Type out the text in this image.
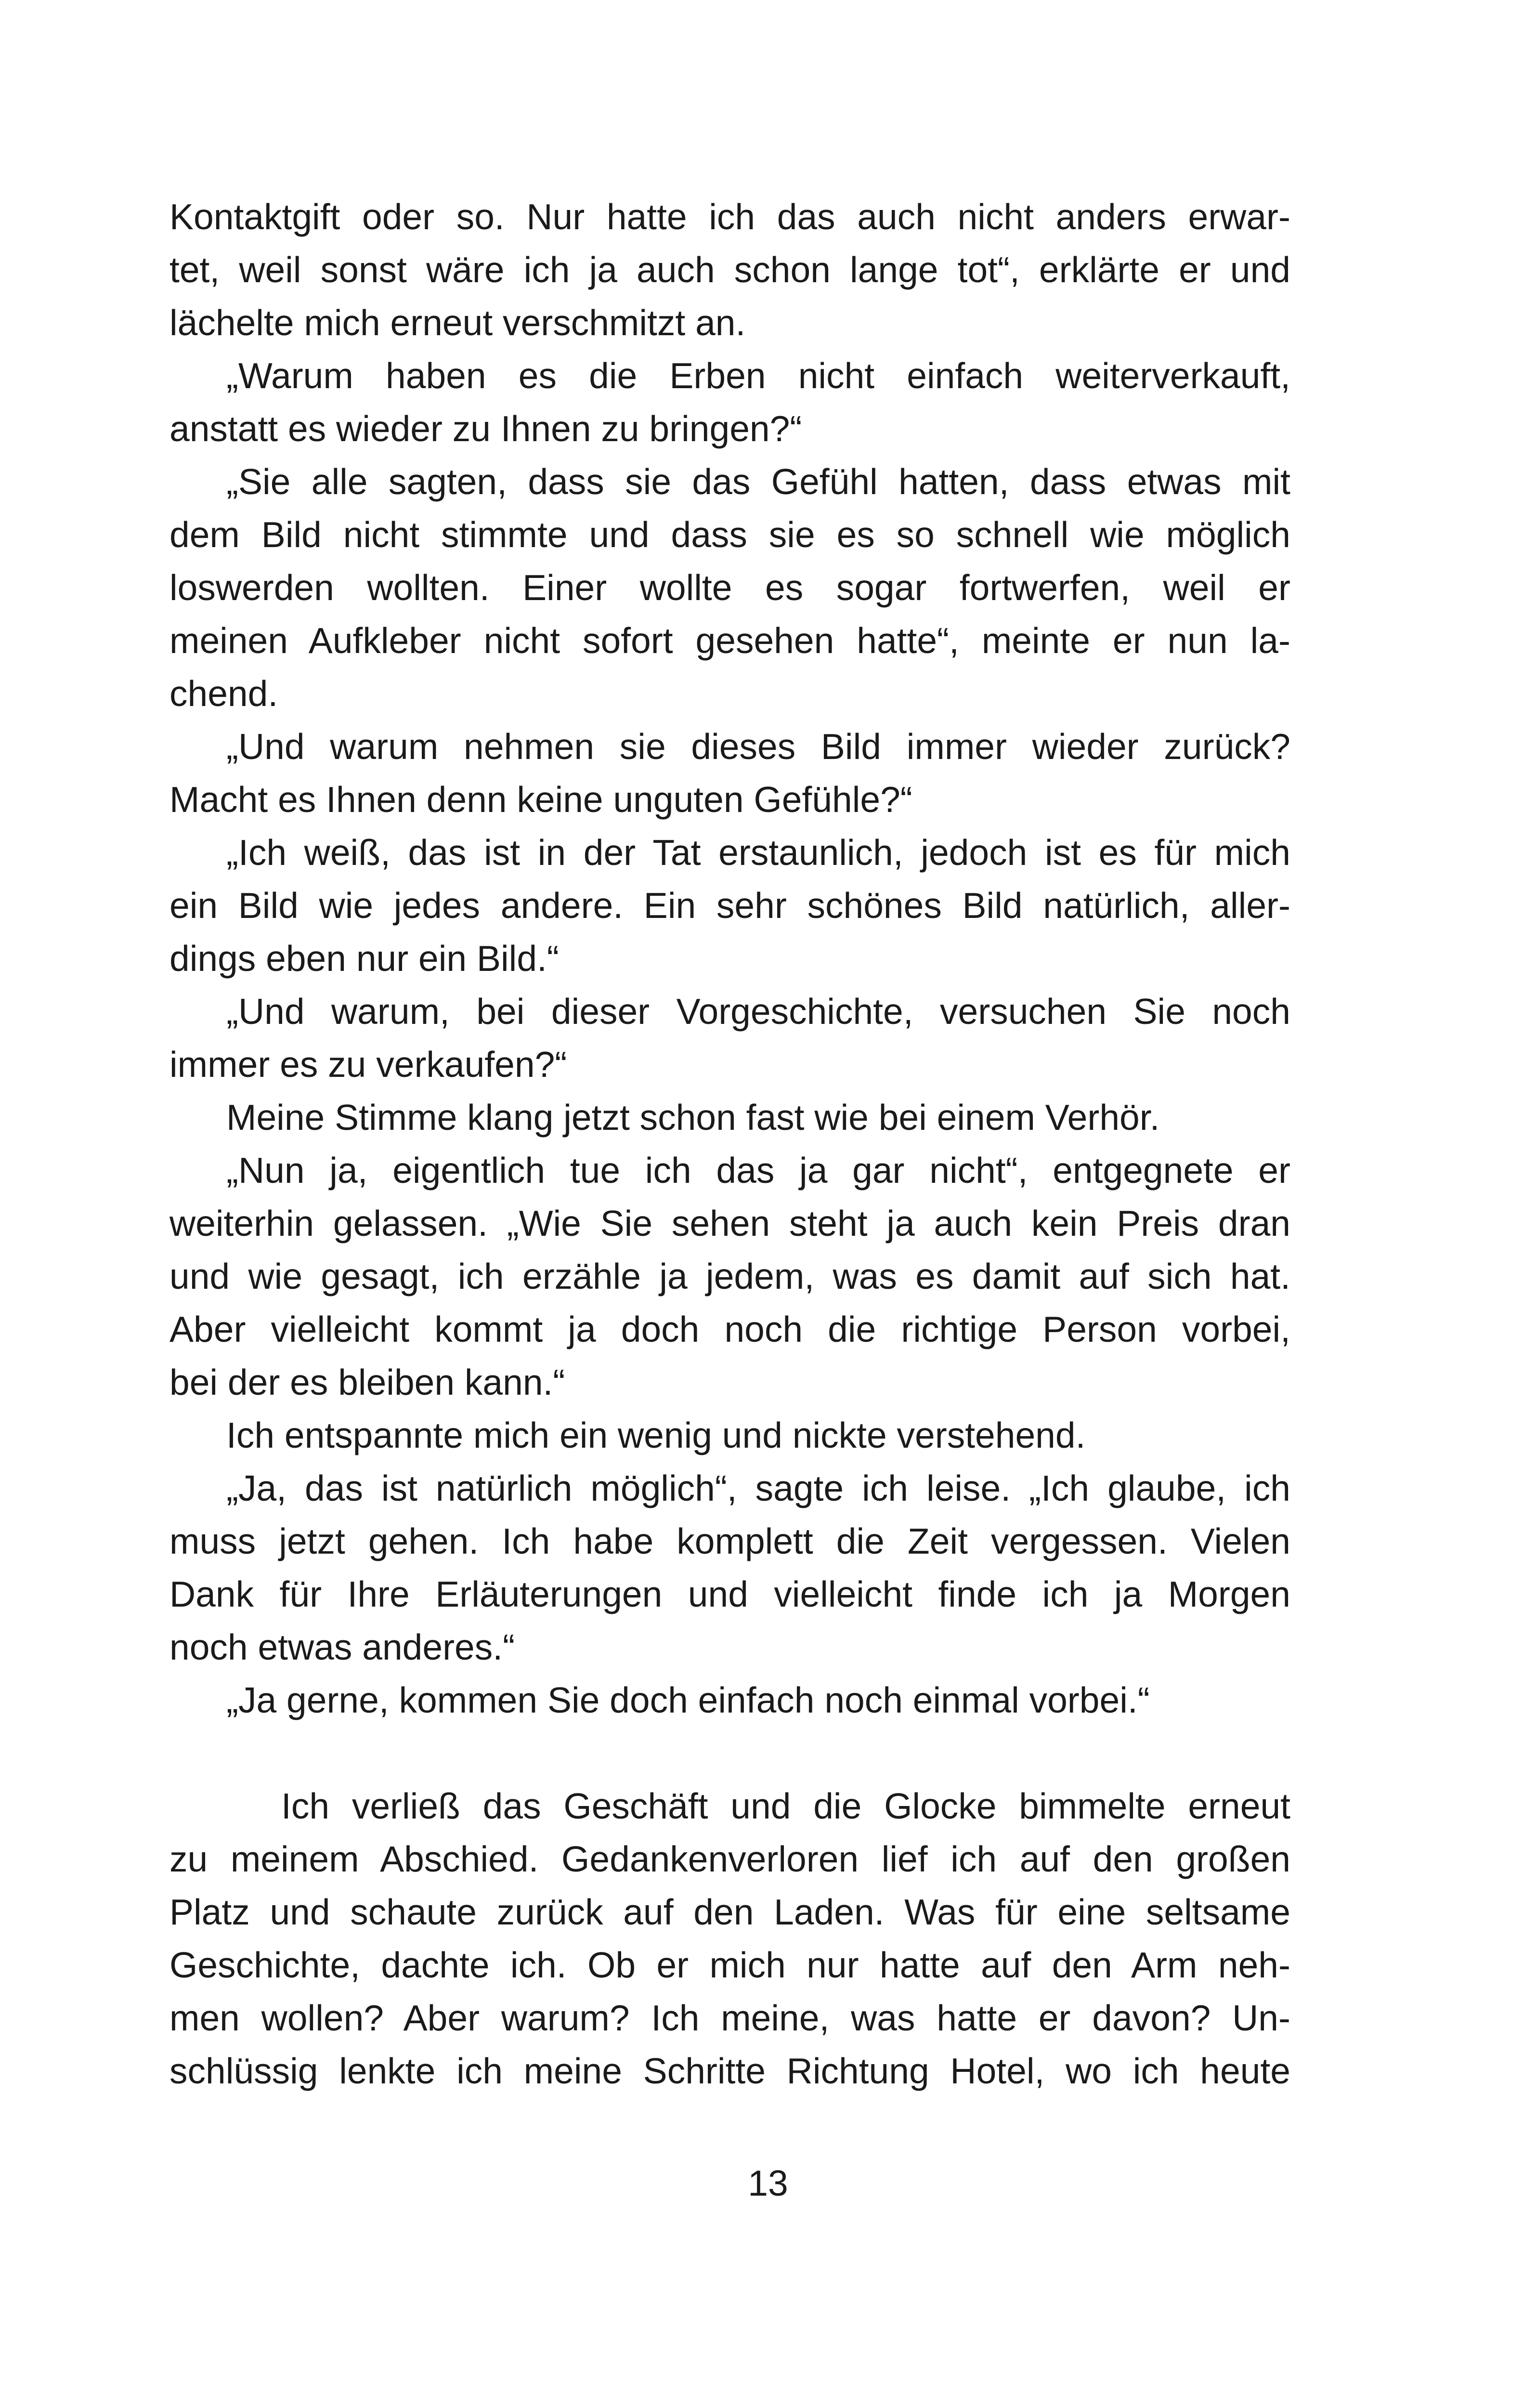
Kontaktgift oder so. Nur hatte ich das auch nicht anders erwar-
tet, weil sonst wäre ich ja auch schon lange tot“, erklärte er und
lächelte mich erneut verschmitzt an.
„Warum haben es die Erben nicht einfach weiterverkauft,
anstatt es wieder zu Ihnen zu bringen?“
„Sie alle sagten, dass sie das Gefühl hatten, dass etwas mit
dem Bild nicht stimmte und dass sie es so schnell wie möglich
loswerden wollten. Einer wollte es sogar fortwerfen, weil er
meinen Aufkleber nicht sofort gesehen hatte“, meinte er nun la-
chend.
„Und warum nehmen sie dieses Bild immer wieder zurück?
Macht es Ihnen denn keine unguten Gefühle?“
„Ich weiß, das ist in der Tat erstaunlich, jedoch ist es für mich
ein Bild wie jedes andere. Ein sehr schönes Bild natürlich, aller-
dings eben nur ein Bild.“
„Und warum, bei dieser Vorgeschichte, versuchen Sie noch
immer es zu verkaufen?“
Meine Stimme klang jetzt schon fast wie bei einem Verhör.
„Nun ja, eigentlich tue ich das ja gar nicht“, entgegnete er
weiterhin gelassen. „Wie Sie sehen steht ja auch kein Preis dran
und wie gesagt, ich erzähle ja jedem, was es damit auf sich hat.
Aber vielleicht kommt ja doch noch die richtige Person vorbei,
bei der es bleiben kann.“
Ich entspannte mich ein wenig und nickte verstehend.
„Ja, das ist natürlich möglich“, sagte ich leise. „Ich glaube, ich
muss jetzt gehen. Ich habe komplett die Zeit vergessen. Vielen
Dank für Ihre Erläuterungen und vielleicht finde ich ja Morgen
noch etwas anderes.“
„Ja gerne, kommen Sie doch einfach noch einmal vorbei.“
Ich verließ das Geschäft und die Glocke bimmelte erneut
zu meinem Abschied. Gedankenverloren lief ich auf den großen
Platz und schaute zurück auf den Laden. Was für eine seltsame
Geschichte, dachte ich. Ob er mich nur hatte auf den Arm neh-
men wollen? Aber warum? Ich meine, was hatte er davon? Un-
schlüssig lenkte ich meine Schritte Richtung Hotel, wo ich heute
13
